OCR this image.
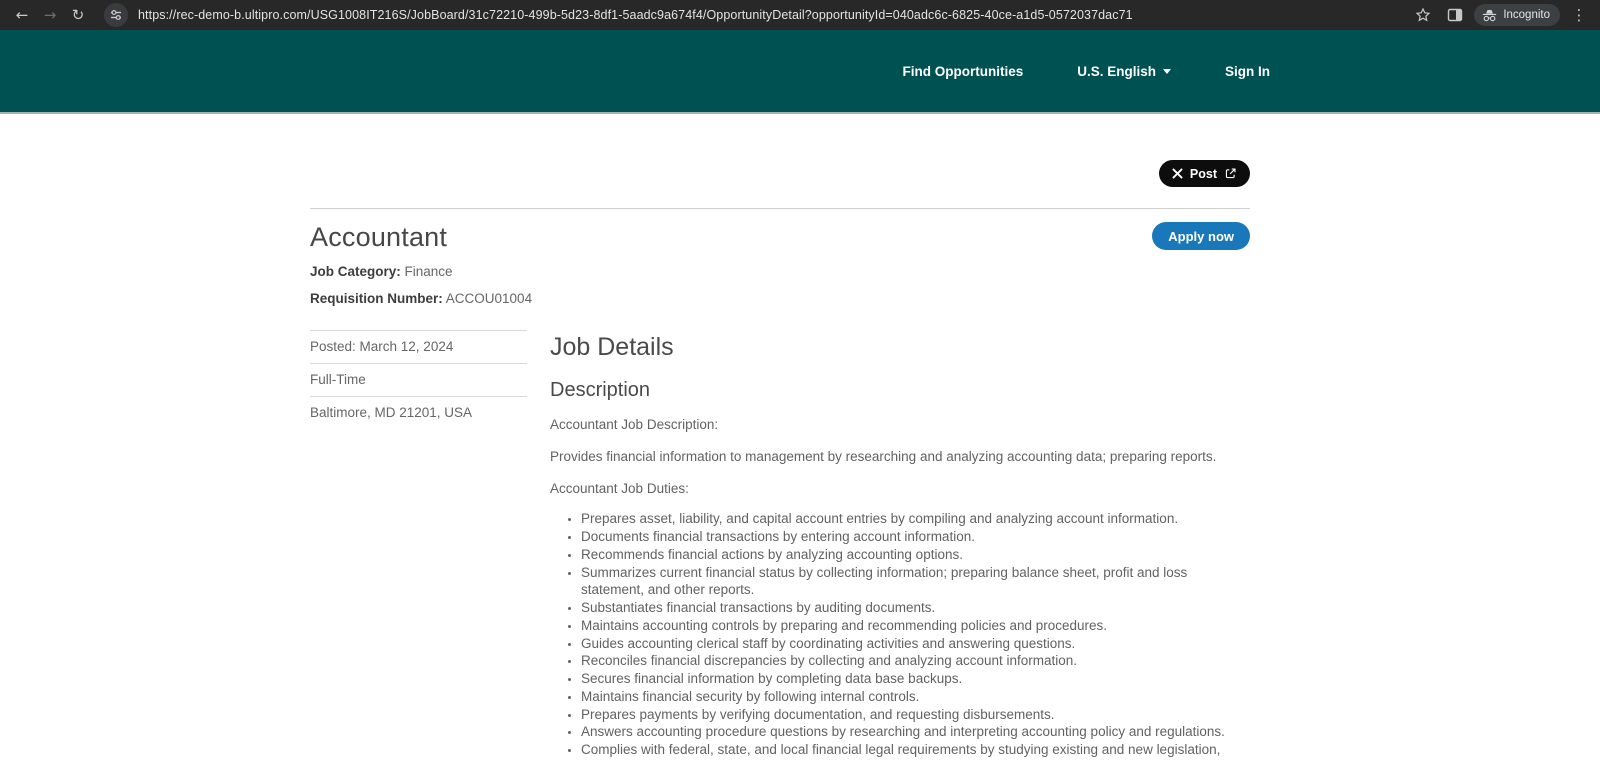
←	→	↻	https://rec-demo-b.ultipro.com/USG1008IT216S/JobBoard/31c72210-499b-5d23-8df1-5aadc9a674f4/OpportunityDetail?opportunityId=040adc6c-6825-40ce-a1d5-0572037dac71	Incognito	⋮
Find Opportunities	U.S. English	Sign In
Post
Accountant	Apply now
Job Category: Finance
Requisition Number: ACCOU01004
Posted: March 12, 2024
Full-Time
Baltimore, MD 21201, USA
Job Details
Description

Accountant Job Description:

Provides financial information to management by researching and analyzing accounting data; preparing reports.

Accountant Job Duties:

• Prepares asset, liability, and capital account entries by compiling and analyzing account information.
• Documents financial transactions by entering account information.
• Recommends financial actions by analyzing accounting options.
• Summarizes current financial status by collecting information; preparing balance sheet, profit and loss statement, and other reports.
• Substantiates financial transactions by auditing documents.
• Maintains accounting controls by preparing and recommending policies and procedures.
• Guides accounting clerical staff by coordinating activities and answering questions.
• Reconciles financial discrepancies by collecting and analyzing account information.
• Secures financial information by completing data base backups.
• Maintains financial security by following internal controls.
• Prepares payments by verifying documentation, and requesting disbursements.
• Answers accounting procedure questions by researching and interpreting accounting policy and regulations.
• Complies with federal, state, and local financial legal requirements by studying existing and new legislation,
